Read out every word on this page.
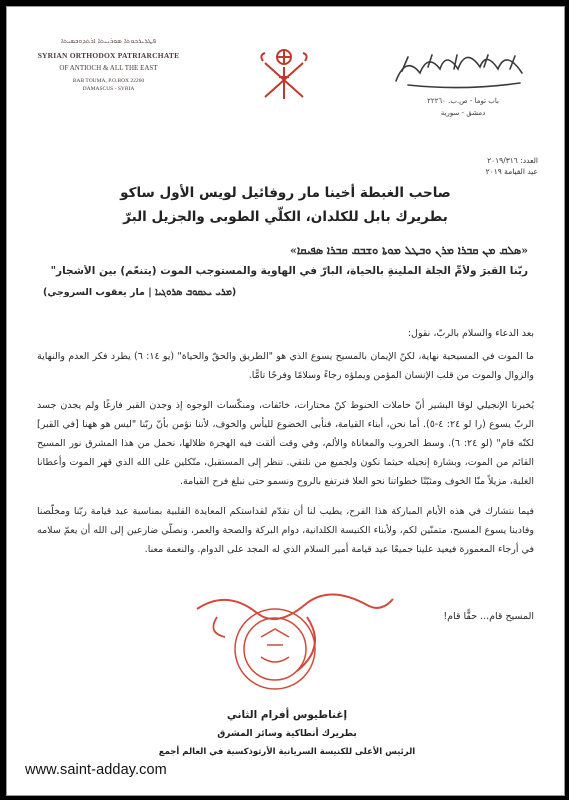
ܦܛܪܝܪܟܘܬܐ ܣܘܪܝܝܬܐ ܐܪܬܕܘܟܣܝܬܐ
SYRIAN ORTHODOX PATRIARCHATE
OF ANTIOCH & ALL THE EAST
BAB TOUMA, P.O.BOX 22260
DAMASCUS - SYRIA
باب توما - ص.ب. ٢٢٢٦٠
دمشق - سورية
العدد: ٢٠١٩/٣١٦
عيد القيامة ٢٠١٩
صاحب الغبطة أخينا مار روفائيل لويس الأول ساكو
بطريرك بابل للكلدان، الكلّي الطوبى والجزيل البرّ
«ܣܠܩ ܡܢ ܩܒܪܐ ܡܪܢ ܘܒܛܠ ܡܘܬܐ ܘܫܒܩ ܩܒܪܐ ܣܦܝܩܐ»
ربّنا القبرَ ولأمِّ الجلّة الملينةِ بالحياة، البارّ في الهاوية والمستوجب الموت (يتنعّم) بين الأشجار"
(ܡܪܝ ܝܥܩܘܒ ܣܪܘܓܝܐ | مار يعقوب السروجي)

بعد الدعاء والسلام بالربّ، نقول:

ما الموت في المسيحية نهاية، لكنّ الإيمان بالمسيح يسوع الذي هو "الطريق والحقّ والحياة" (يو ١٤: ٦) يطرد فكر العدم والنهاية والزوال والموت من قلب الإنسان المؤمن ويملؤه رجاءً وسلامًا وفرحًا تامًّا.

يُخبرنا الإنجيلي لوقا البشير أنّ حاملات الحنوط كنّ محتارات، خائفات، ومنكّسات الوجوه إذ وجدن القبر فارغًا ولم يجدن جسد الربّ يسوع (را لو ٢٤: ٤-٥). أما نحن، أبناء القيامة، فنأبى الخضوع لليأس والخوف، لأننا نؤمن بأنّ ربّنا "ليس هو ههنا [في القبر] لكنّه قام" (لو ٢٤: ٦). وسط الحروب والمعاناة والألم، وفي وقت ألقت فيه الهجرة ظلالها، نحمل من هذا المشرق نور المسيح القائم من الموت، وبشارة إنجيله حيثما نكون ولجميع من نلتقي. ننظر إلى المستقبل، متّكلين على الله الذي قهر الموت وأعطانا الغلبة، مزيلاً منّا الخوف ومثبّتًا خطواتنا نحو العلا فنرتفع بالروح ونسمو حتى نبلغ فرح القيامة.

فيما نتشارك في هذه الأيام المباركة هذا الفرح، يطيب لنا أن نقدّم لقداستكم المعايدة القلبية بمناسبة عيد قيامة ربّنا ومخلّصنا وفادينا يسوع المسيح، متمنّين لكم، ولأبناء الكنيسة الكلدانية، دوام البركة والصحة والعمر، ونصلّي ضارعين إلى الله أن يعمّ سلامه في أرجاء المعمورة فيعيد علينا جميعًا عيد قيامة أمير السلام الذي له المجد على الدوام. والنعمة معنا.

المسيح قام... حقًّا قام!
إغناطيوس أفرام الثاني
بطريرك أنطاكية وسائر المشرق
الرئيس الأعلى للكنيسة السريانية الأرثوذكسية في العالم أجمع
www.saint-adday.com
